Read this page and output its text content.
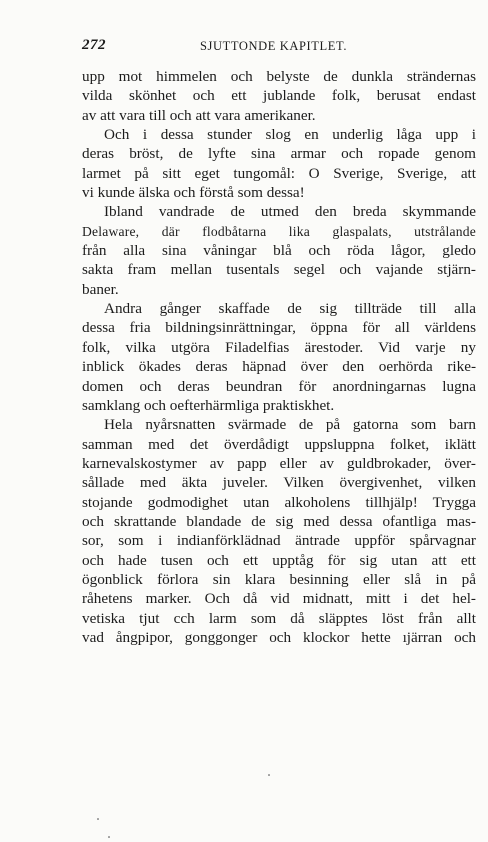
272	SJUTTONDE KAPITLET.
upp mot himmelen och belyste de dunkla strändernas
vilda skönhet och ett jublande folk, berusat endast
av att vara till och att vara amerikaner.
Och i dessa stunder slog en underlig låga upp i
deras bröst, de lyfte sina armar och ropade genom
larmet på sitt eget tungomål: O Sverige, Sverige, att
vi kunde älska och förstå som dessa!
Ibland vandrade de utmed den breda skymmande
Delaware, där flodbåtarna lika glaspalats, utstrålande
från alla sina våningar blå och röda lågor, gledo
sakta fram mellan tusentals segel och vajande stjärn-
baner.
Andra gånger skaffade de sig tillträde till alla
dessa fria bildningsinrättningar, öppna för all världens
folk, vilka utgöra Filadelfias ärestoder. Vid varje ny
inblick ökades deras häpnad över den oerhörda rike-
domen och deras beundran för anordningarnas lugna
samklang och oefterhärmliga praktiskhet.
Hela nyårsnatten svärmade de på gatorna som barn
samman med det överdådigt uppsluppna folket, iklätt
karnevalskostymer av papp eller av guldbrokader, över-
sållade med äkta juveler. Vilken övergivenhet, vilken
stojande godmodighet utan alkoholens tillhjälp! Trygga
och skrattande blandade de sig med dessa ofantliga mas-
sor, som i indianförklädnad äntrade uppför spårvagnar
och hade tusen och ett upptåg för sig utan att ett
ögonblick förlora sin klara besinning eller slå in på
råhetens marker. Och då vid midnatt, mitt i det hel-
vetiska tjut cch larm som då släpptes löst från allt
vad ångpipor, gonggonger och klockor hette ıjärran och
